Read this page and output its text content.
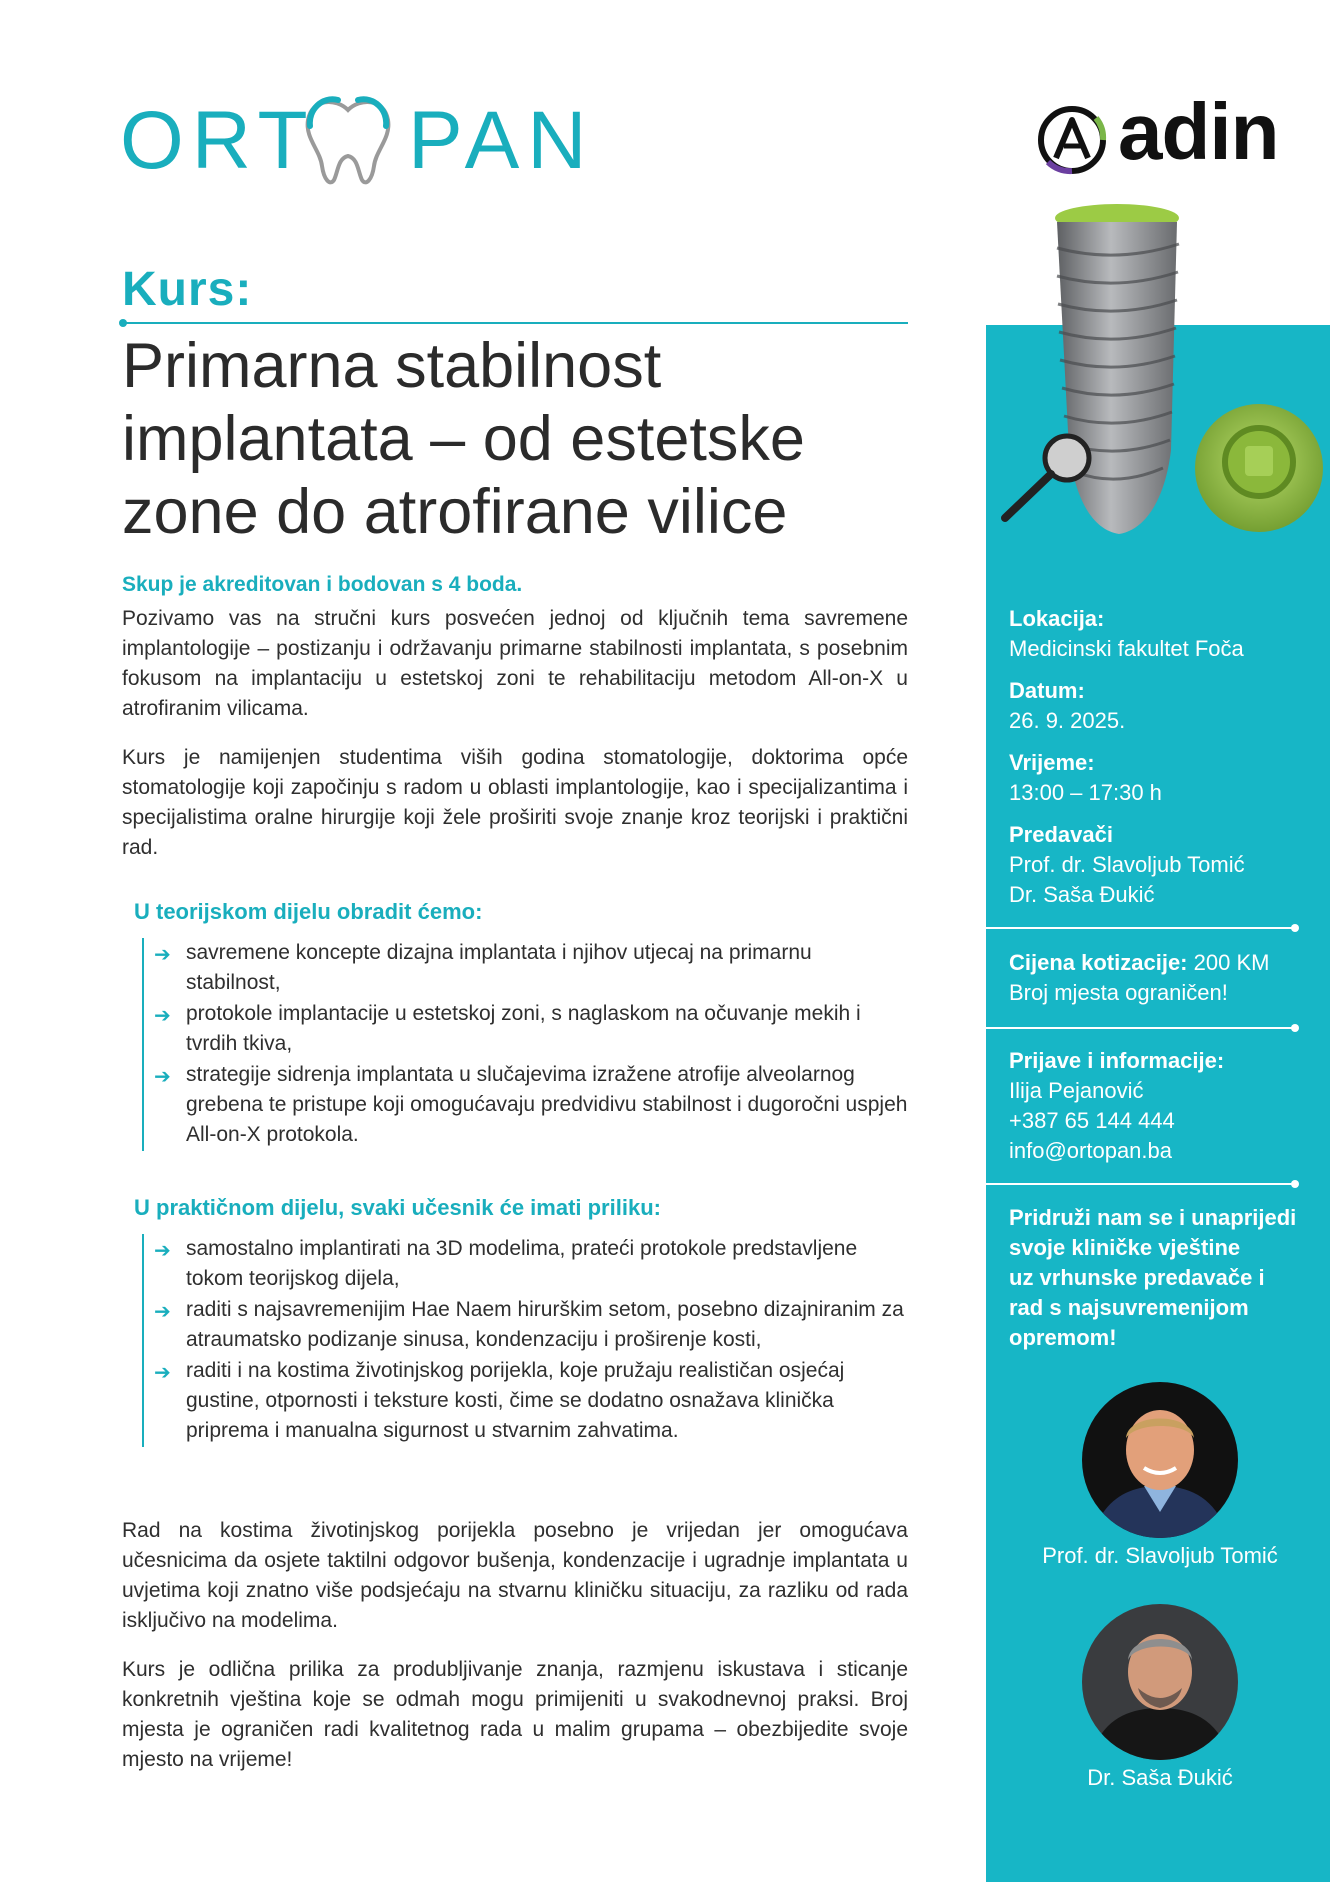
ORT PAN	adin
Lokacija:
Medicinski fakultet Foča
Datum:
26. 9. 2025.
Vrijeme:
13:00 – 17:30 h
Predavači
Prof. dr. Slavoljub Tomić
Dr. Saša Đukić
Cijena kotizacije: 200 KM
Broj mjesta ograničen!
Prijave i informacije:
Ilija Pejanović
+387 65 144 444
info@ortopan.ba
Pridruži nam se i unaprijedi
svoje kliničke vještine
uz vrhunske predavače i
rad s najsuvremenijom
opremom!
Prof. dr. Slavoljub Tomić
Dr. Saša Đukić
Kurs:
Primarna stabilnost
implantata – od estetske
zone do atrofirane vilice
Skup je akreditovan i bodovan s 4 boda.

Pozivamo vas na stručni kurs posvećen jednoj od ključnih tema savremene implantologije – postizanju i održavanju primarne stabilnosti implantata, s posebnim fokusom na implantaciju u estetskoj zoni te rehabilitaciju metodom All-on-X u atrofiranim vilicama.

Kurs je namijenjen studentima viših godina stomatologije, doktorima opće stomatologije koji započinju s radom u oblasti implantologije, kao i specijalizantima i specijalistima oralne hirurgije koji žele proširiti svoje znanje kroz teorijski i praktični rad.

U teorijskom dijelu obradit ćemo:
➔ savremene koncepte dizajna implantata i njihov utjecaj na primarnu stabilnost,
➔ protokole implantacije u estetskoj zoni, s naglaskom na očuvanje mekih i tvrdih tkiva,
➔ strategije sidrenja implantata u slučajevima izražene atrofije alveolarnog grebena te pristupe koji omogućavaju predvidivu stabilnost i dugoročni uspjeh All-on-X protokola.
U praktičnom dijelu, svaki učesnik će imati priliku:
➔ samostalno implantirati na 3D modelima, prateći protokole predstavljene tokom teorijskog dijela,
➔ raditi s najsavremenijim Hae Naem hirurškim setom, posebno dizajniranim za atraumatsko podizanje sinusa, kondenzaciju i proširenje kosti,
➔ raditi i na kostima životinjskog porijekla, koje pružaju realističan osjećaj gustine, otpornosti i teksture kosti, čime se dodatno osnažava klinička priprema i manualna sigurnost u stvarnim zahvatima.

Rad na kostima životinjskog porijekla posebno je vrijedan jer omogućava učesnicima da osjete taktilni odgovor bušenja, kondenzacije i ugradnje implantata u uvjetima koji znatno više podsjećaju na stvarnu kliničku situaciju, za razliku od rada isključivo na modelima.

Kurs je odlična prilika za produbljivanje znanja, razmjenu iskustava i sticanje konkretnih vještina koje se odmah mogu primijeniti u svakodnevnoj praksi. Broj mjesta je ograničen radi kvalitetnog rada u malim grupama – obezbijedite svoje mjesto na vrijeme!
